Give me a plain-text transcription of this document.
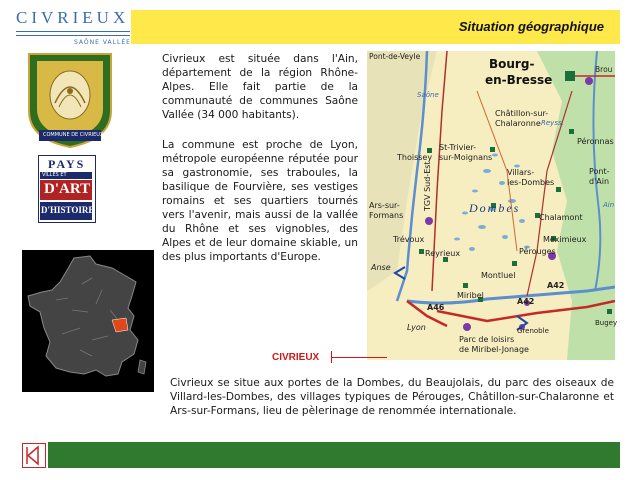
CIVRIEUX
SAÔNE VALLÉE
Situation géographique
COMMUNE DE CIVRIEUX
PAYS
VILLES ET
D'ART
D'HISTOIRE
Civrieux est située dans l'Ain, département de la région Rhône-Alpes. Elle fait partie de la communauté de communes Saône Vallée (34 000 habitants).
La commune est proche de Lyon, métropole européenne réputée pour sa gastronomie, ses traboules, la basilique de Fourvière, ses vestiges romains et ses quartiers tournés vers l'avenir, mais aussi de la vallée du Rhône et ses vignobles, des Alpes et de leur domaine skiable, un des plus importants d'Europe.
Civrieux se situe aux portes de la Dombes, du Beaujolais, du parc des oiseaux de Villard-les-Dombes, des villages typiques de Pérouges, Châtillon-sur-Chalaronne et Ars-sur-Formans, lieu de pèlerinage de renommée internationale.
Pont-de-Veyle
Bourg-
en-Bresse
Brou
Châtillon-sur-
Chalaronne
Péronnas
Thoissey
St-Trivier-
sur-Moignans
TGV Sud-Est	Villars-
les-Dombes
Pont-
d'Ain
Ars-sur-
Formans
Dombes
Chalamont
Trévoux
Reyrieux	Pérouges
Meximieux
Anse
Montluel
Miribel
A42
A42
A46
Lyon	Grenoble
Parc de loisirs
de Miribel-Jonage
Bugey
Saône
Reyss.
Ain
CIVRIEUX
